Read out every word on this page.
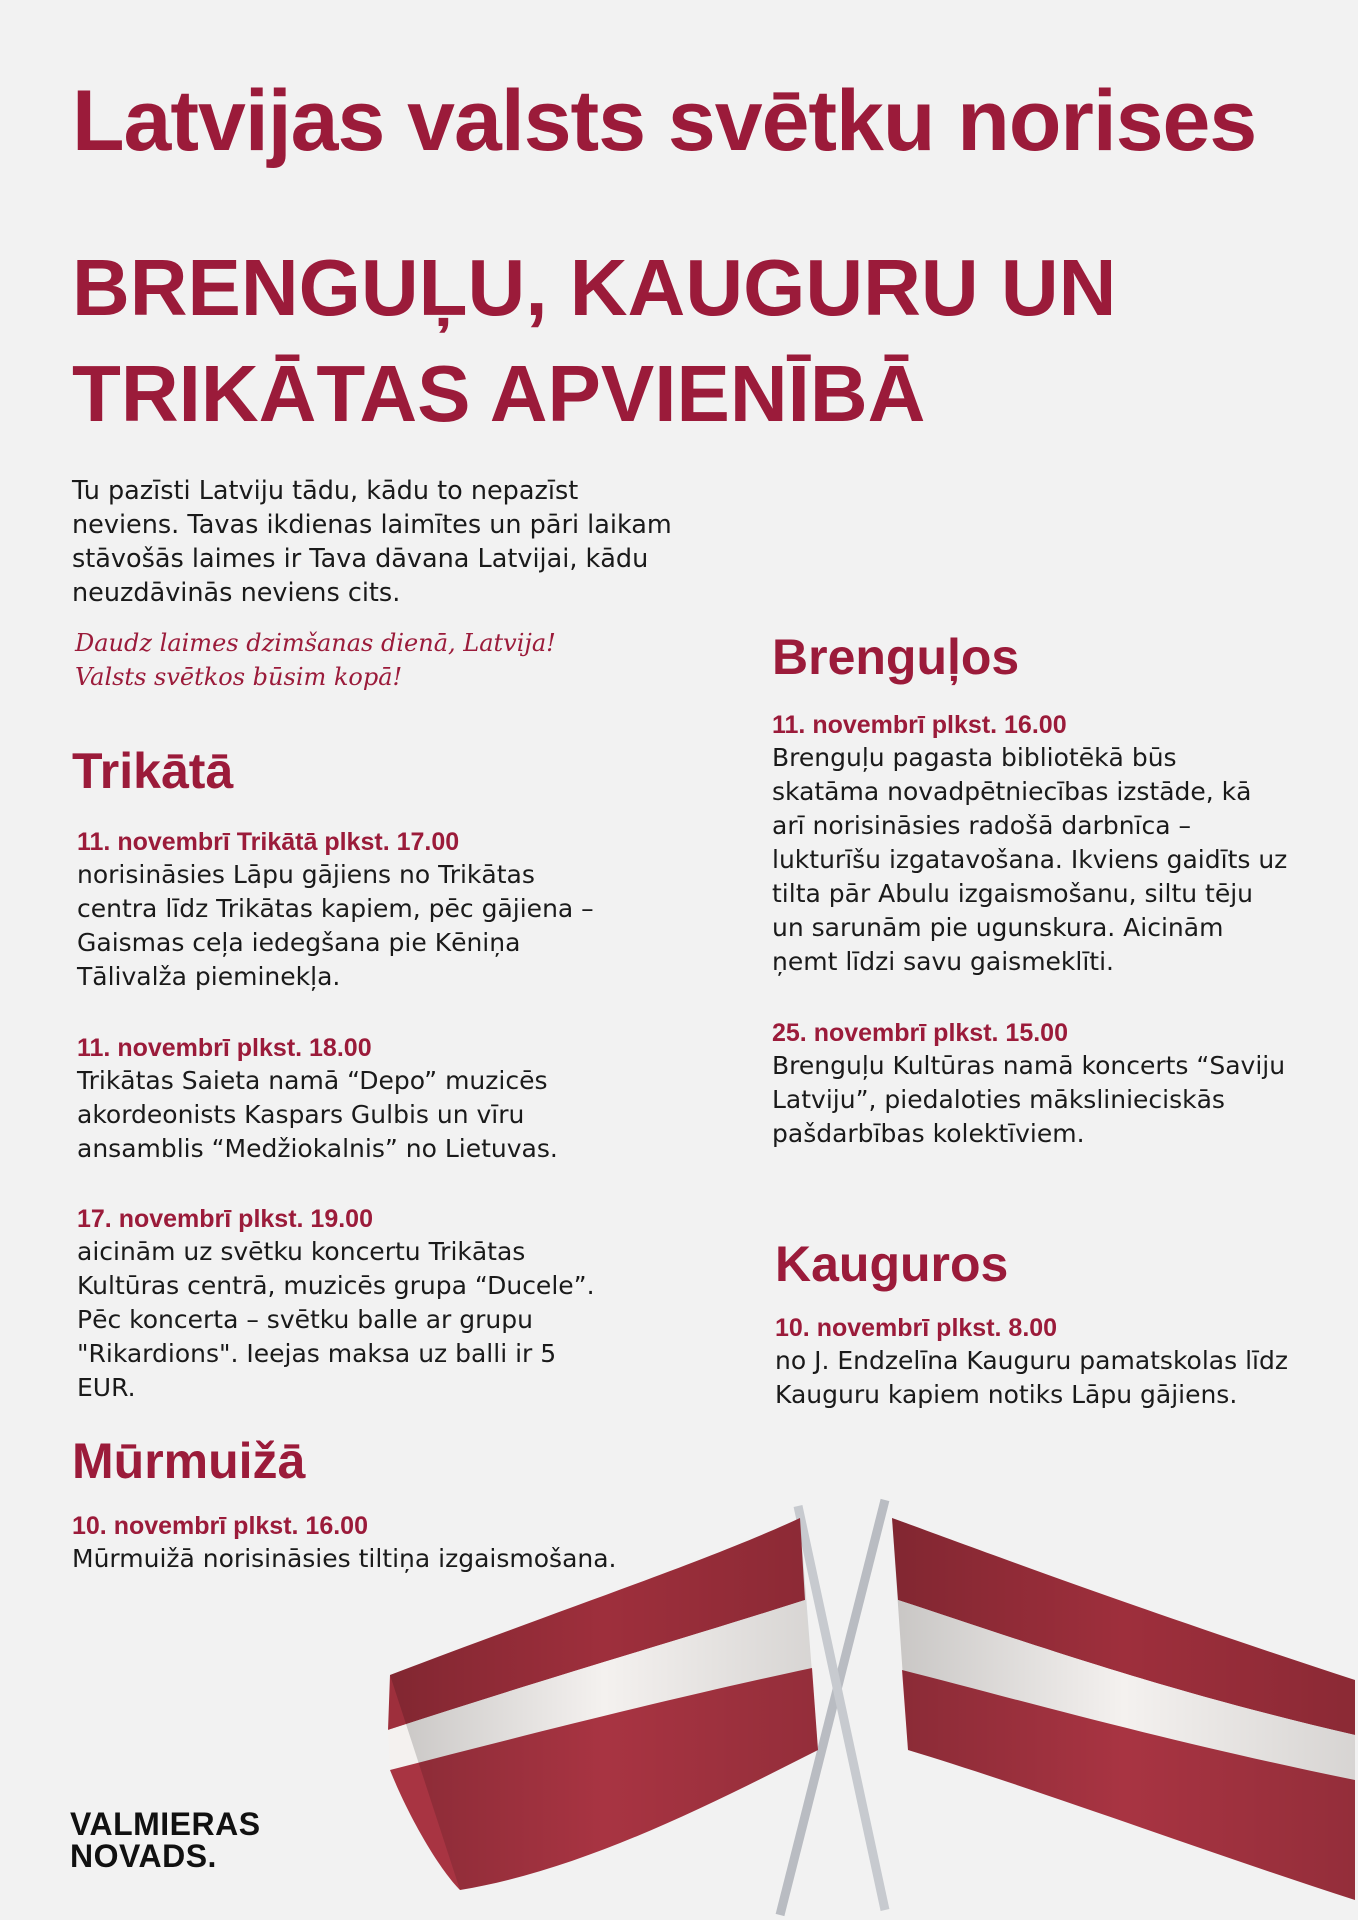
Latvijas valsts svētku norises
BRENGUĻU, KAUGURU UN
TRIKĀTAS APVIENĪBĀ

Tu pazīsti Latviju tādu, kādu to nepazīst neviens. Tavas ikdienas laimītes un pāri laikam stāvošās laimes ir Tava dāvana Latvijai, kādu neuzdāvinās neviens cits.

Daudz laimes dzimšanas dienā, Latvija!
Valsts svētkos būsim kopā!

Trikātā
11. novembrī Trikātā plkst. 17.00
norisināsies Lāpu gājiens no Trikātas
centra līdz Trikātas kapiem, pēc gājiena –
Gaismas ceļa iedegšana pie Kēniņa
Tālivalža pieminekļa.
11. novembrī plkst. 18.00
Trikātas Saieta namā “Depo” muzicēs
akordeonists Kaspars Gulbis un vīru
ansamblis “Medžiokalnis” no Lietuvas.
17. novembrī plkst. 19.00
aicinām uz svētku koncertu Trikātas
Kultūras centrā, muzicēs grupa “Ducele”.
Pēc koncerta – svētku balle ar grupu
"Rikardions". Ieejas maksa uz balli ir 5
EUR.
Mūrmuižā
10. novembrī plkst. 16.00
Mūrmuižā norisināsies tiltiņa izgaismošana.
Brenguļos
11. novembrī plkst. 16.00
Brenguļu pagasta bibliotēkā būs
skatāma novadpētniecības izstāde, kā
arī norisināsies radošā darbnīca –
lukturīšu izgatavošana. Ikviens gaidīts uz
tilta pār Abulu izgaismošanu, siltu tēju
un sarunām pie ugunskura. Aicinām
ņemt līdzi savu gaismeklīti.
25. novembrī plkst. 15.00
Brenguļu Kultūras namā koncerts “Saviju
Latviju”, piedaloties mākslinieciskās
pašdarbības kolektīviem.
Kauguros
10. novembrī plkst. 8.00
no J. Endzelīna Kauguru pamatskolas līdz
Kauguru kapiem notiks Lāpu gājiens.
VALMIERAS
NOVADS.
